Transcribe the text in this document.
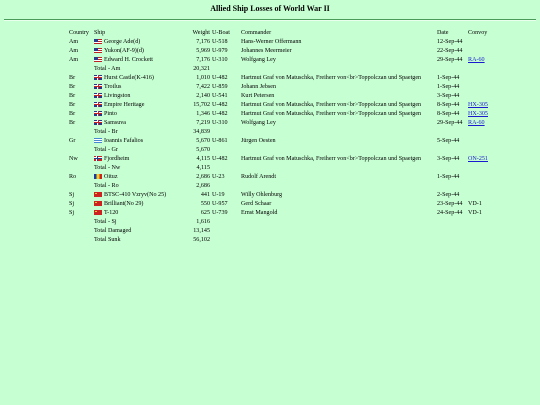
Allied Ship Losses of World War II
Country	Ship	Weight	U-Boat	Commander	Date	Convoy
Am	George Ade(d)	7,176	U-518	Hans-Werner Offermann	12-Sep-44	
Am	Yukon(AF-9)(d)	5,969	U-979	Johannes Meermeier	22-Sep-44	
Am	Edward H. Crockett	7,176	U-310	Wolfgang Ley	29-Sep-44	RA-60
	Total - Am	20,321				
Br	Hurst Castle(K-416)	1,010	U-482	Hartmut Graf von Matuschka, Freiherr von<br>Toppolczan und Spaetgen	1-Sep-44	
Br	Troilus	7,422	U-859	Johann Jebsen	1-Sep-44	
Br	Livingston	2,140	U-541	Kurt Petersen	3-Sep-44	
Br	Empire Heritage	15,702	U-482	Hartmut Graf von Matuschka, Freiherr von<br>Toppolczan und Spaetgen	8-Sep-44	HX-305
Br	Pinto	1,346	U-482	Hartmut Graf von Matuschka, Freiherr von<br>Toppolczan und Spaetgen	8-Sep-44	HX-305
Br	Samsuva	7,219	U-310	Wolfgang Ley	29-Sep-44	RA-60
	Total - Br	34,839				
Gr	Ioannis Fafalios	5,670	U-861	Jürgen Oesten	5-Sep-44	
	Total - Gr	5,670				
Nw	Fjordheim	4,115	U-482	Hartmut Graf von Matuschka, Freiherr von<br>Toppolczan und Spaetgen	3-Sep-44	ON-251
	Total - Nw	4,115				
Ro	Oituz	2,686	U-23	Rudolf Arendt	1-Sep-44	
	Total - Ro	2,686				
Sj	BTSC-410 Vzryv(No 25)	441	U-19	Willy Ohlenburg	2-Sep-44	
Sj	Brilliant(No 29)	550	U-957	Gerd Schaar	23-Sep-44	VD-1
Sj	T-120	625	U-739	Ernst Mangold	24-Sep-44	VD-1
	Total - Sj	1,616				
	Total Damaged	13,145				
	Total Sunk	56,102				
